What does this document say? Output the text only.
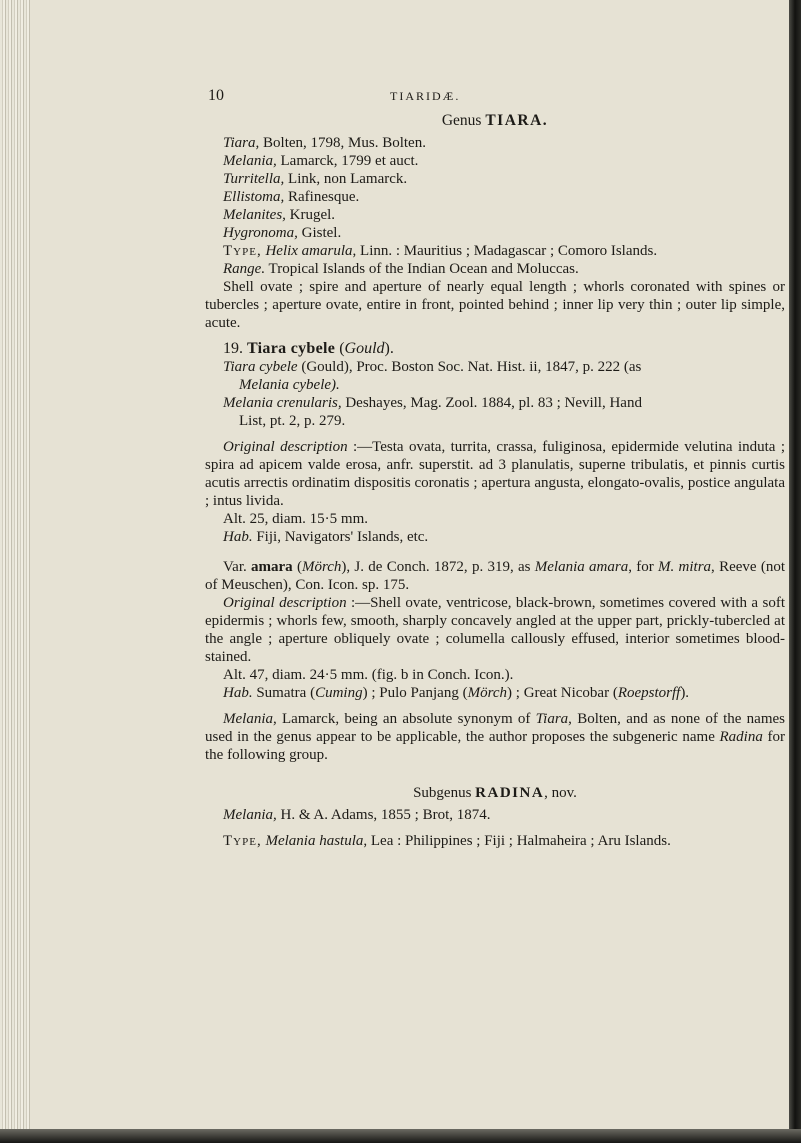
10	TIARIDÆ.

Genus TIARA.

Tiara, Bolten, 1798, Mus. Bolten.

Melania, Lamarck, 1799 et auct.

Turritella, Link, non Lamarck.

Ellistoma, Rafinesque.

Melanites, Krugel.

Hygronoma, Gistel.

Type, Helix amarula, Linn. : Mauritius ; Madagascar ; Comoro Islands.

Range. Tropical Islands of the Indian Ocean and Moluccas.

Shell ovate ; spire and aperture of nearly equal length ; whorls coronated with spines or tubercles ; aperture ovate, entire in front, pointed behind ; inner lip very thin ; outer lip simple, acute.

19. Tiara cybele (Gould).

Tiara cybele (Gould), Proc. Boston Soc. Nat. Hist. ii, 1847, p. 222 (as
Melania cybele).

Melania crenularis, Deshayes, Mag. Zool. 1884, pl. 83 ; Nevill, Hand
List, pt. 2, p. 279.

Original description :—Testa ovata, turrita, crassa, fuliginosa, epidermide velutina induta ; spira ad apicem valde erosa, anfr. superstit. ad 3 planulatis, superne tribulatis, et pinnis curtis acutis arrectis ordinatim dispositis coronatis ; apertura angusta, elongato-ovalis, postice angulata ; intus livida.

Alt. 25, diam. 15·5 mm.

Hab. Fiji, Navigators' Islands, etc.

Var. amara (Mörch), J. de Conch. 1872, p. 319, as Melania amara, for M. mitra, Reeve (not of Meuschen), Con. Icon. sp. 175.

Original description :—Shell ovate, ventricose, black-brown, sometimes covered with a soft epidermis ; whorls few, smooth, sharply concavely angled at the upper part, prickly-tubercled at the angle ; aperture obliquely ovate ; columella callously effused, interior sometimes blood-stained.

Alt. 47, diam. 24·5 mm. (fig. b in Conch. Icon.).

Hab. Sumatra (Cuming) ; Pulo Panjang (Mörch) ; Great Nicobar (Roepstorff).

Melania, Lamarck, being an absolute synonym of Tiara, Bolten, and as none of the names used in the genus appear to be applicable, the author proposes the subgeneric name Radina for the following group.

Subgenus RADINA, nov.

Melania, H. & A. Adams, 1855 ; Brot, 1874.

Type, Melania hastula, Lea : Philippines ; Fiji ; Halmaheira ; Aru Islands.
